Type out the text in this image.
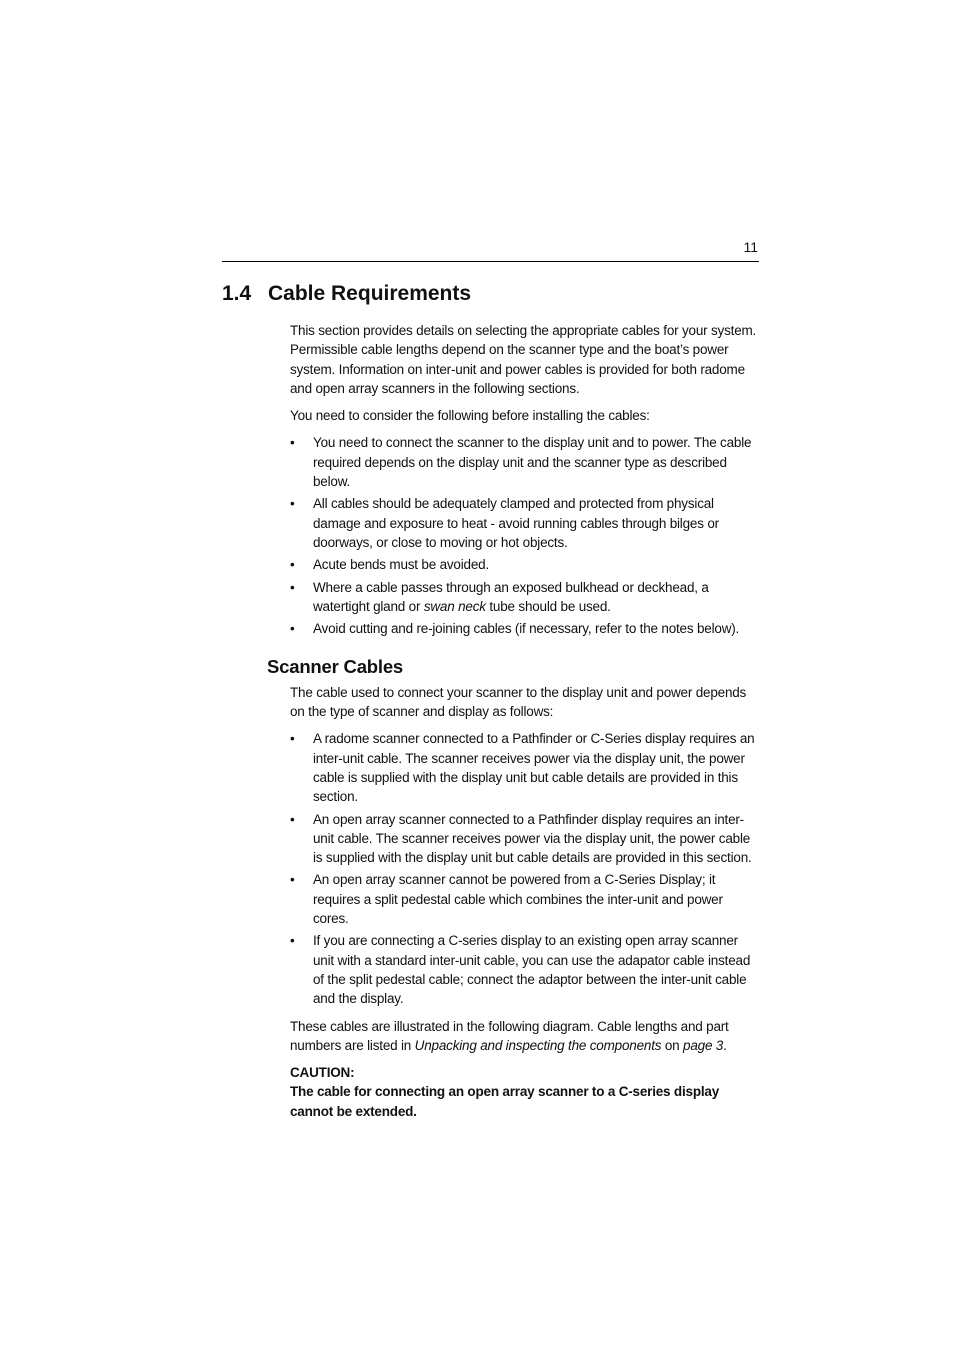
11
1.4 Cable Requirements

This section provides details on selecting the appropriate cables for your system. Permissible cable lengths depend on the scanner type and the boat’s power system. Information on inter-unit and power cables is provided for both radome and open array scanners in the following sections.

You need to consider the following before installing the cables:

• You need to connect the scanner to the display unit and to power. The cable required depends on the display unit and the scanner type as described below.
• All cables should be adequately clamped and protected from physical damage and exposure to heat - avoid running cables through bilges or doorways, or close to moving or hot objects.
• Acute bends must be avoided.
• Where a cable passes through an exposed bulkhead or deckhead, a watertight gland or swan neck tube should be used.
• Avoid cutting and re-joining cables (if necessary, refer to the notes below).
Scanner Cables

The cable used to connect your scanner to the display unit and power depends on the type of scanner and display as follows:

• A radome scanner connected to a Pathfinder or C-Series display requires an inter-unit cable. The scanner receives power via the display unit, the power cable is supplied with the display unit but cable details are provided in this section.
• An open array scanner connected to a Pathfinder display requires an inter-unit cable. The scanner receives power via the display unit, the power cable is supplied with the display unit but cable details are provided in this section.
• An open array scanner cannot be powered from a C-Series Display; it requires a split pedestal cable which combines the inter-unit and power cores.
• If you are connecting a C-series display to an existing open array scanner unit with a standard inter-unit cable, you can use the adapator cable instead of the split pedestal cable; connect the adaptor between the inter-unit cable and the display.

These cables are illustrated in the following diagram. Cable lengths and part numbers are listed in Unpacking and inspecting the components on page 3.

CAUTION:
The cable for connecting an open array scanner to a C-series display cannot be extended.
